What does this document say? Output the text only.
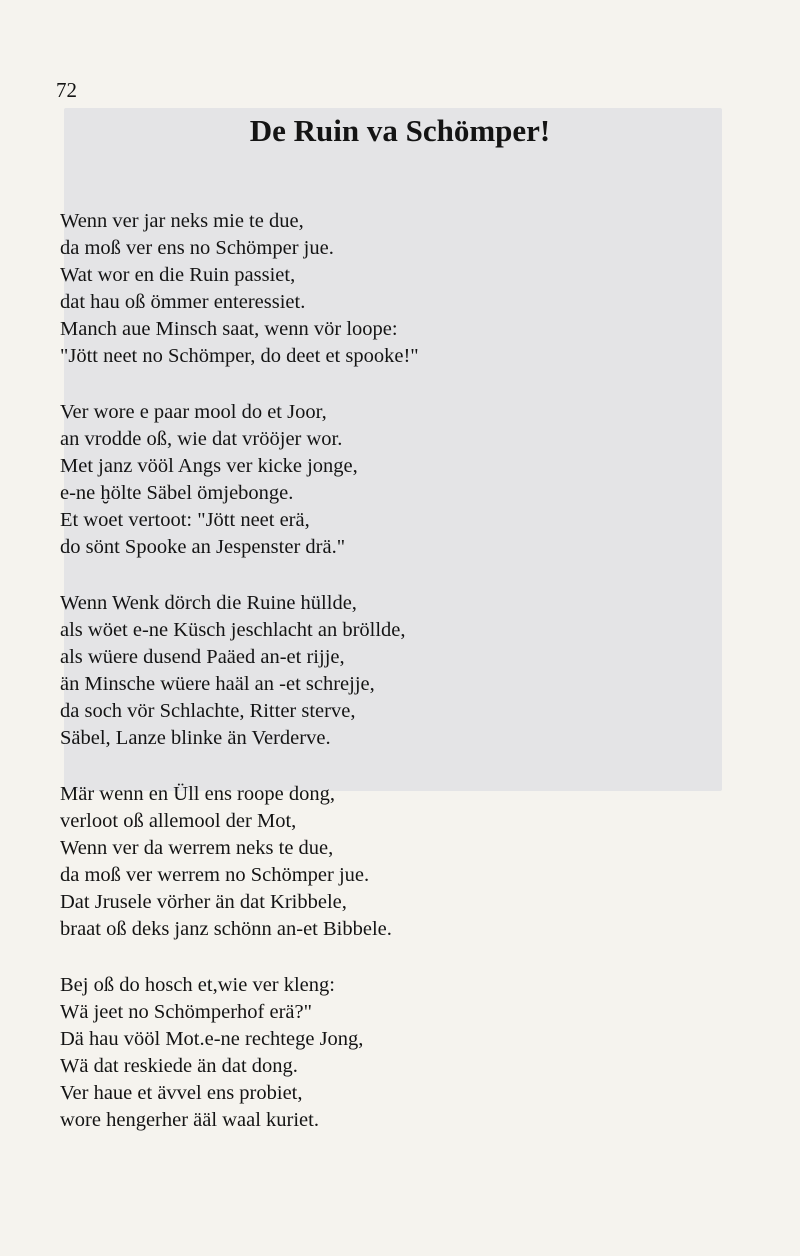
72
De Ruin va Schömper!
Wenn ver jar neks mie te due,
da moß ver ens no Schömper jue.
Wat wor en die Ruin passiet,
dat hau oß ömmer enteressiet.
Manch aue Minsch saat, wenn vör loope:
"Jött neet no Schömper, do deet et spooke!"
Ver wore e paar mool do et Joor,
an vrodde oß, wie dat vrööjer wor.
Met janz vööl Angs ver kicke jonge,
e-ne ḫölte Säbel ömjebonge.
Et woet vertoot: "Jött neet erä,
do sönt Spooke an Jespenster drä."
Wenn Wenk dörch die Ruine hüllde,
als wöet e-ne Küsch jeschlacht an bröllde,
als wüere dusend Paäed an-et rijje,
än Minsche wüere haäl an -et schrejje,
da soch vör Schlachte, Ritter sterve,
Säbel, Lanze blinke än Verderve.
Mär wenn en Üll ens roope dong,
verloot oß allemool der Mot,
Wenn ver da werrem neks te due,
da moß ver werrem no Schömper jue.
Dat Jrusele vörher än dat Kribbele,
braat oß deks janz schönn an-et Bibbele.
Bej oß do hosch et,wie ver kleng:
Wä jeet no Schömperhof erä?"
Dä hau vööl Mot.e-ne rechtege Jong,
Wä dat reskiede än dat dong.
Ver haue et ävvel ens probiet,
wore hengerher ääl waal kuriet.
